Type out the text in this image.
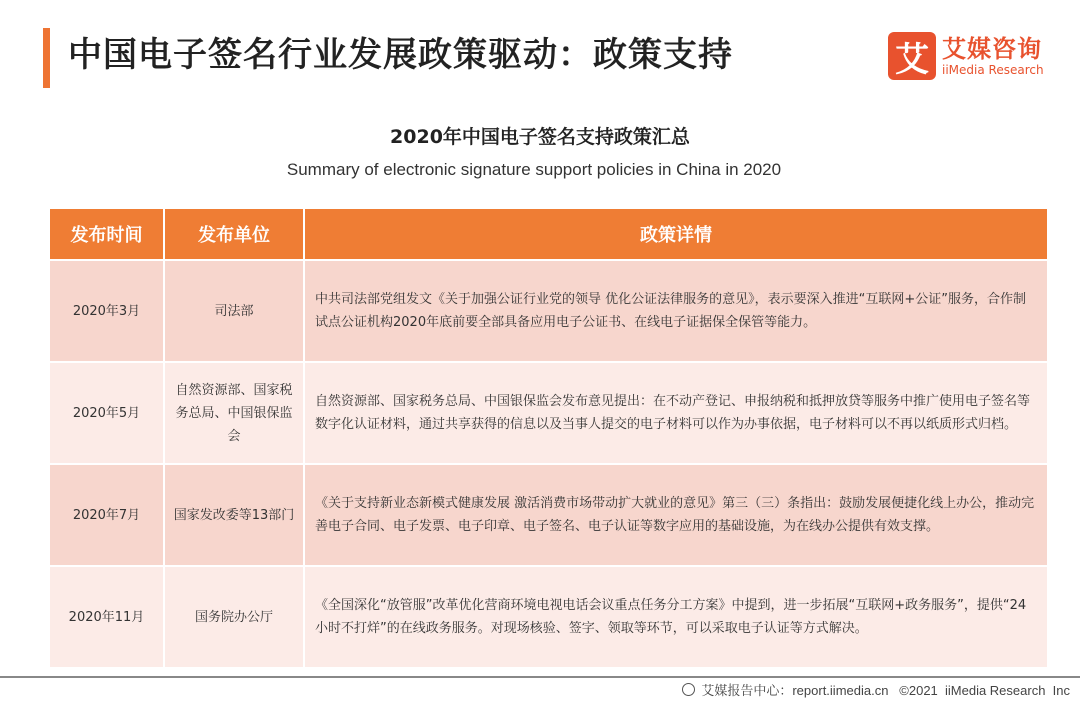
中国电子签名行业发展政策驱动：政策支持	艾 艾媒咨询
iiMedia Research
2020年中国电子签名支持政策汇总
Summary of electronic signature support policies in China in 2020
发布时间	发布单位	政策详情
2020年3月	司法部	中共司法部党组发文《关于加强公证行业党的领导 优化公证法律服务的意见》，表示要深入推进“互联网+公证”服务，合作制试点公证机构2020年底前要全部具备应用电子公证书、在线电子证据保全保管等能力。
2020年5月	自然资源部、国家税务总局、中国银保监会	自然资源部、国家税务总局、中国银保监会发布意见提出：在不动产登记、申报纳税和抵押放贷等服务中推广使用电子签名等数字化认证材料，通过共享获得的信息以及当事人提交的电子材料可以作为办事依据，电子材料可以不再以纸质形式归档。
2020年7月	国家发改委等13部门	《关于支持新业态新模式健康发展 激活消费市场带动扩大就业的意见》第三（三）条指出：鼓励发展便捷化线上办公，推动完善电子合同、电子发票、电子印章、电子签名、电子认证等数字应用的基础设施，为在线办公提供有效支撑。
2020年11月	国务院办公厅	《全国深化“放管服”改革优化营商环境电视电话会议重点任务分工方案》中提到，进一步拓展“互联网+政务服务”，提供“24小时不打烊”的在线政务服务。对现场核验、签字、领取等环节，可以采取电子认证等方式解决。
艾媒报告中心：report.iimedia.cn   ©2021  iiMedia Research  Inc
